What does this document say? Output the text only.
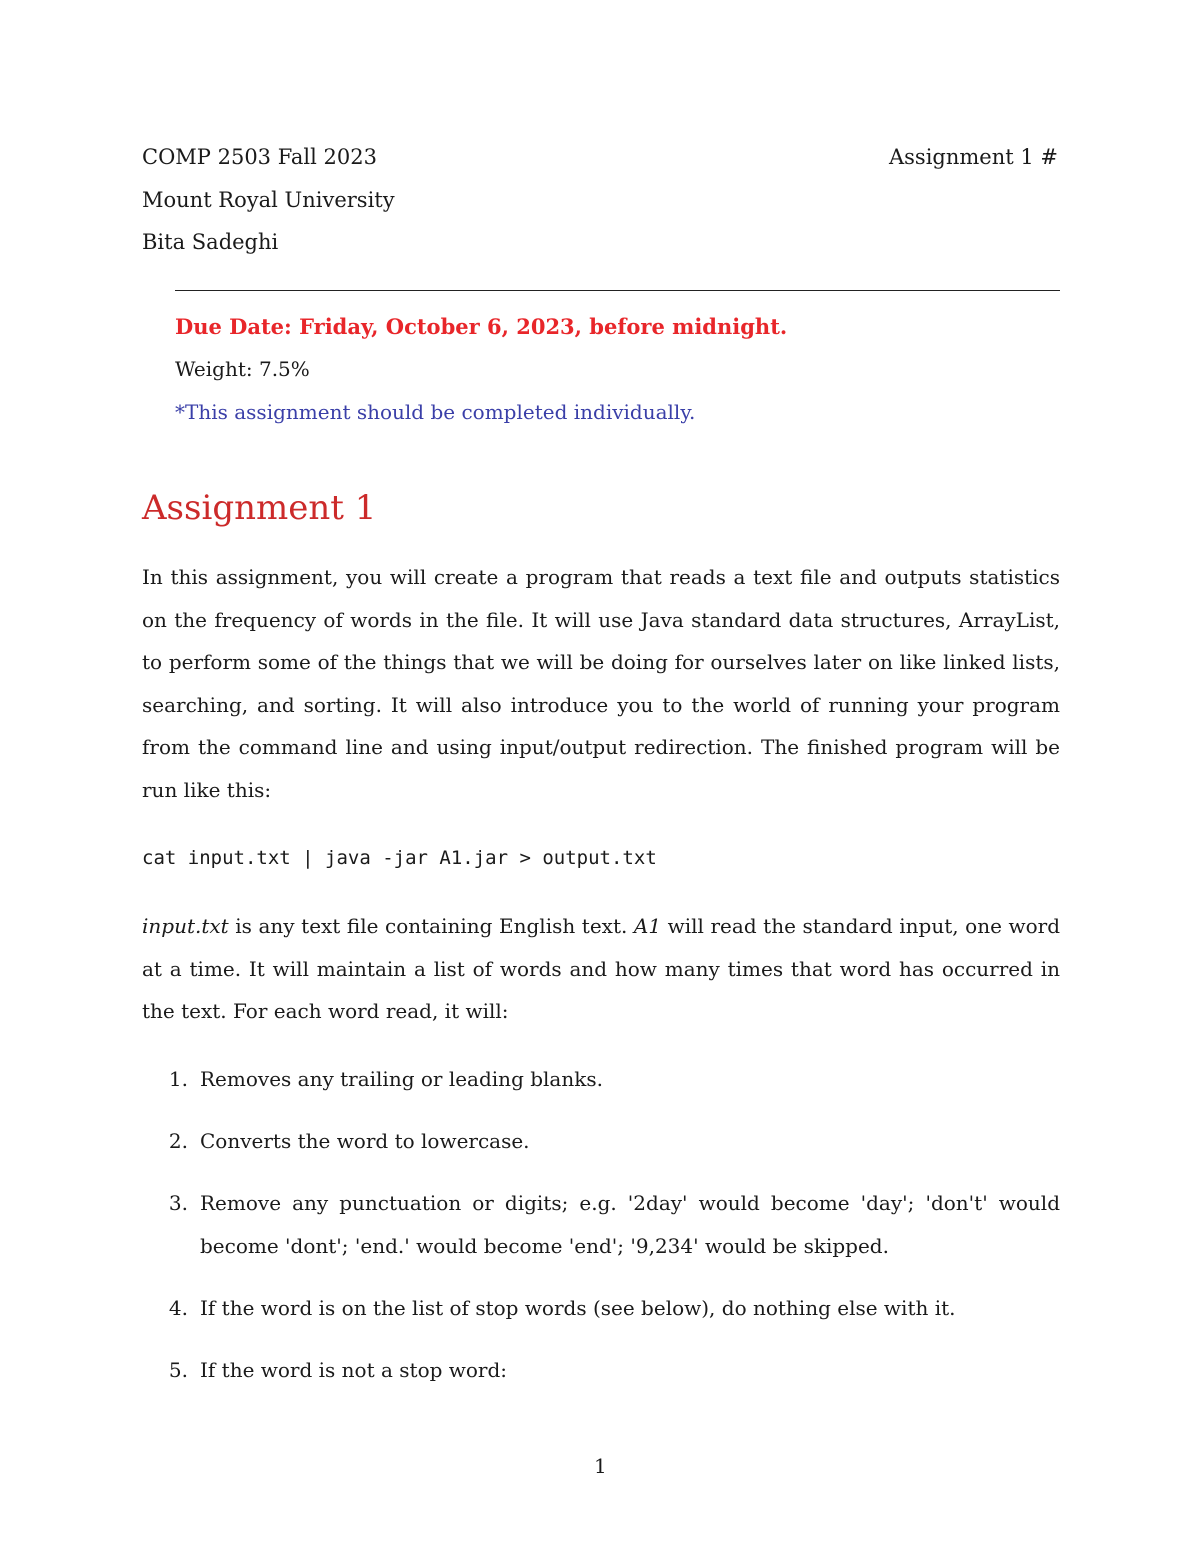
COMP 2503 Fall 2023	Assignment 1 #
Mount Royal University
Bita Sadeghi
Due Date: Friday, October 6, 2023, before midnight.
Weight: 7.5%
*This assignment should be completed individually.
Assignment 1
In this assignment, you will create a program that reads a text file and outputs statistics on the frequency of words in the file. It will use Java standard data structures, ArrayList, to perform some of the things that we will be doing for ourselves later on like linked lists, searching, and sorting. It will also introduce you to the world of running your program from the command line and using input/output redirection. The finished program will be run like this:
cat input.txt | java -jar A1.jar > output.txt
input.txt is any text file containing English text. A1 will read the standard input, one word at a time. It will maintain a list of words and how many times that word has occurred in the text. For each word read, it will:
1. Removes any trailing or leading blanks.
2. Converts the word to lowercase.
3. Remove any punctuation or digits; e.g. '2day' would become 'day'; 'don't' would become 'dont'; 'end.' would become 'end'; '9,234' would be skipped.
4. If the word is on the list of stop words (see below), do nothing else with it.
5. If the word is not a stop word:
1
